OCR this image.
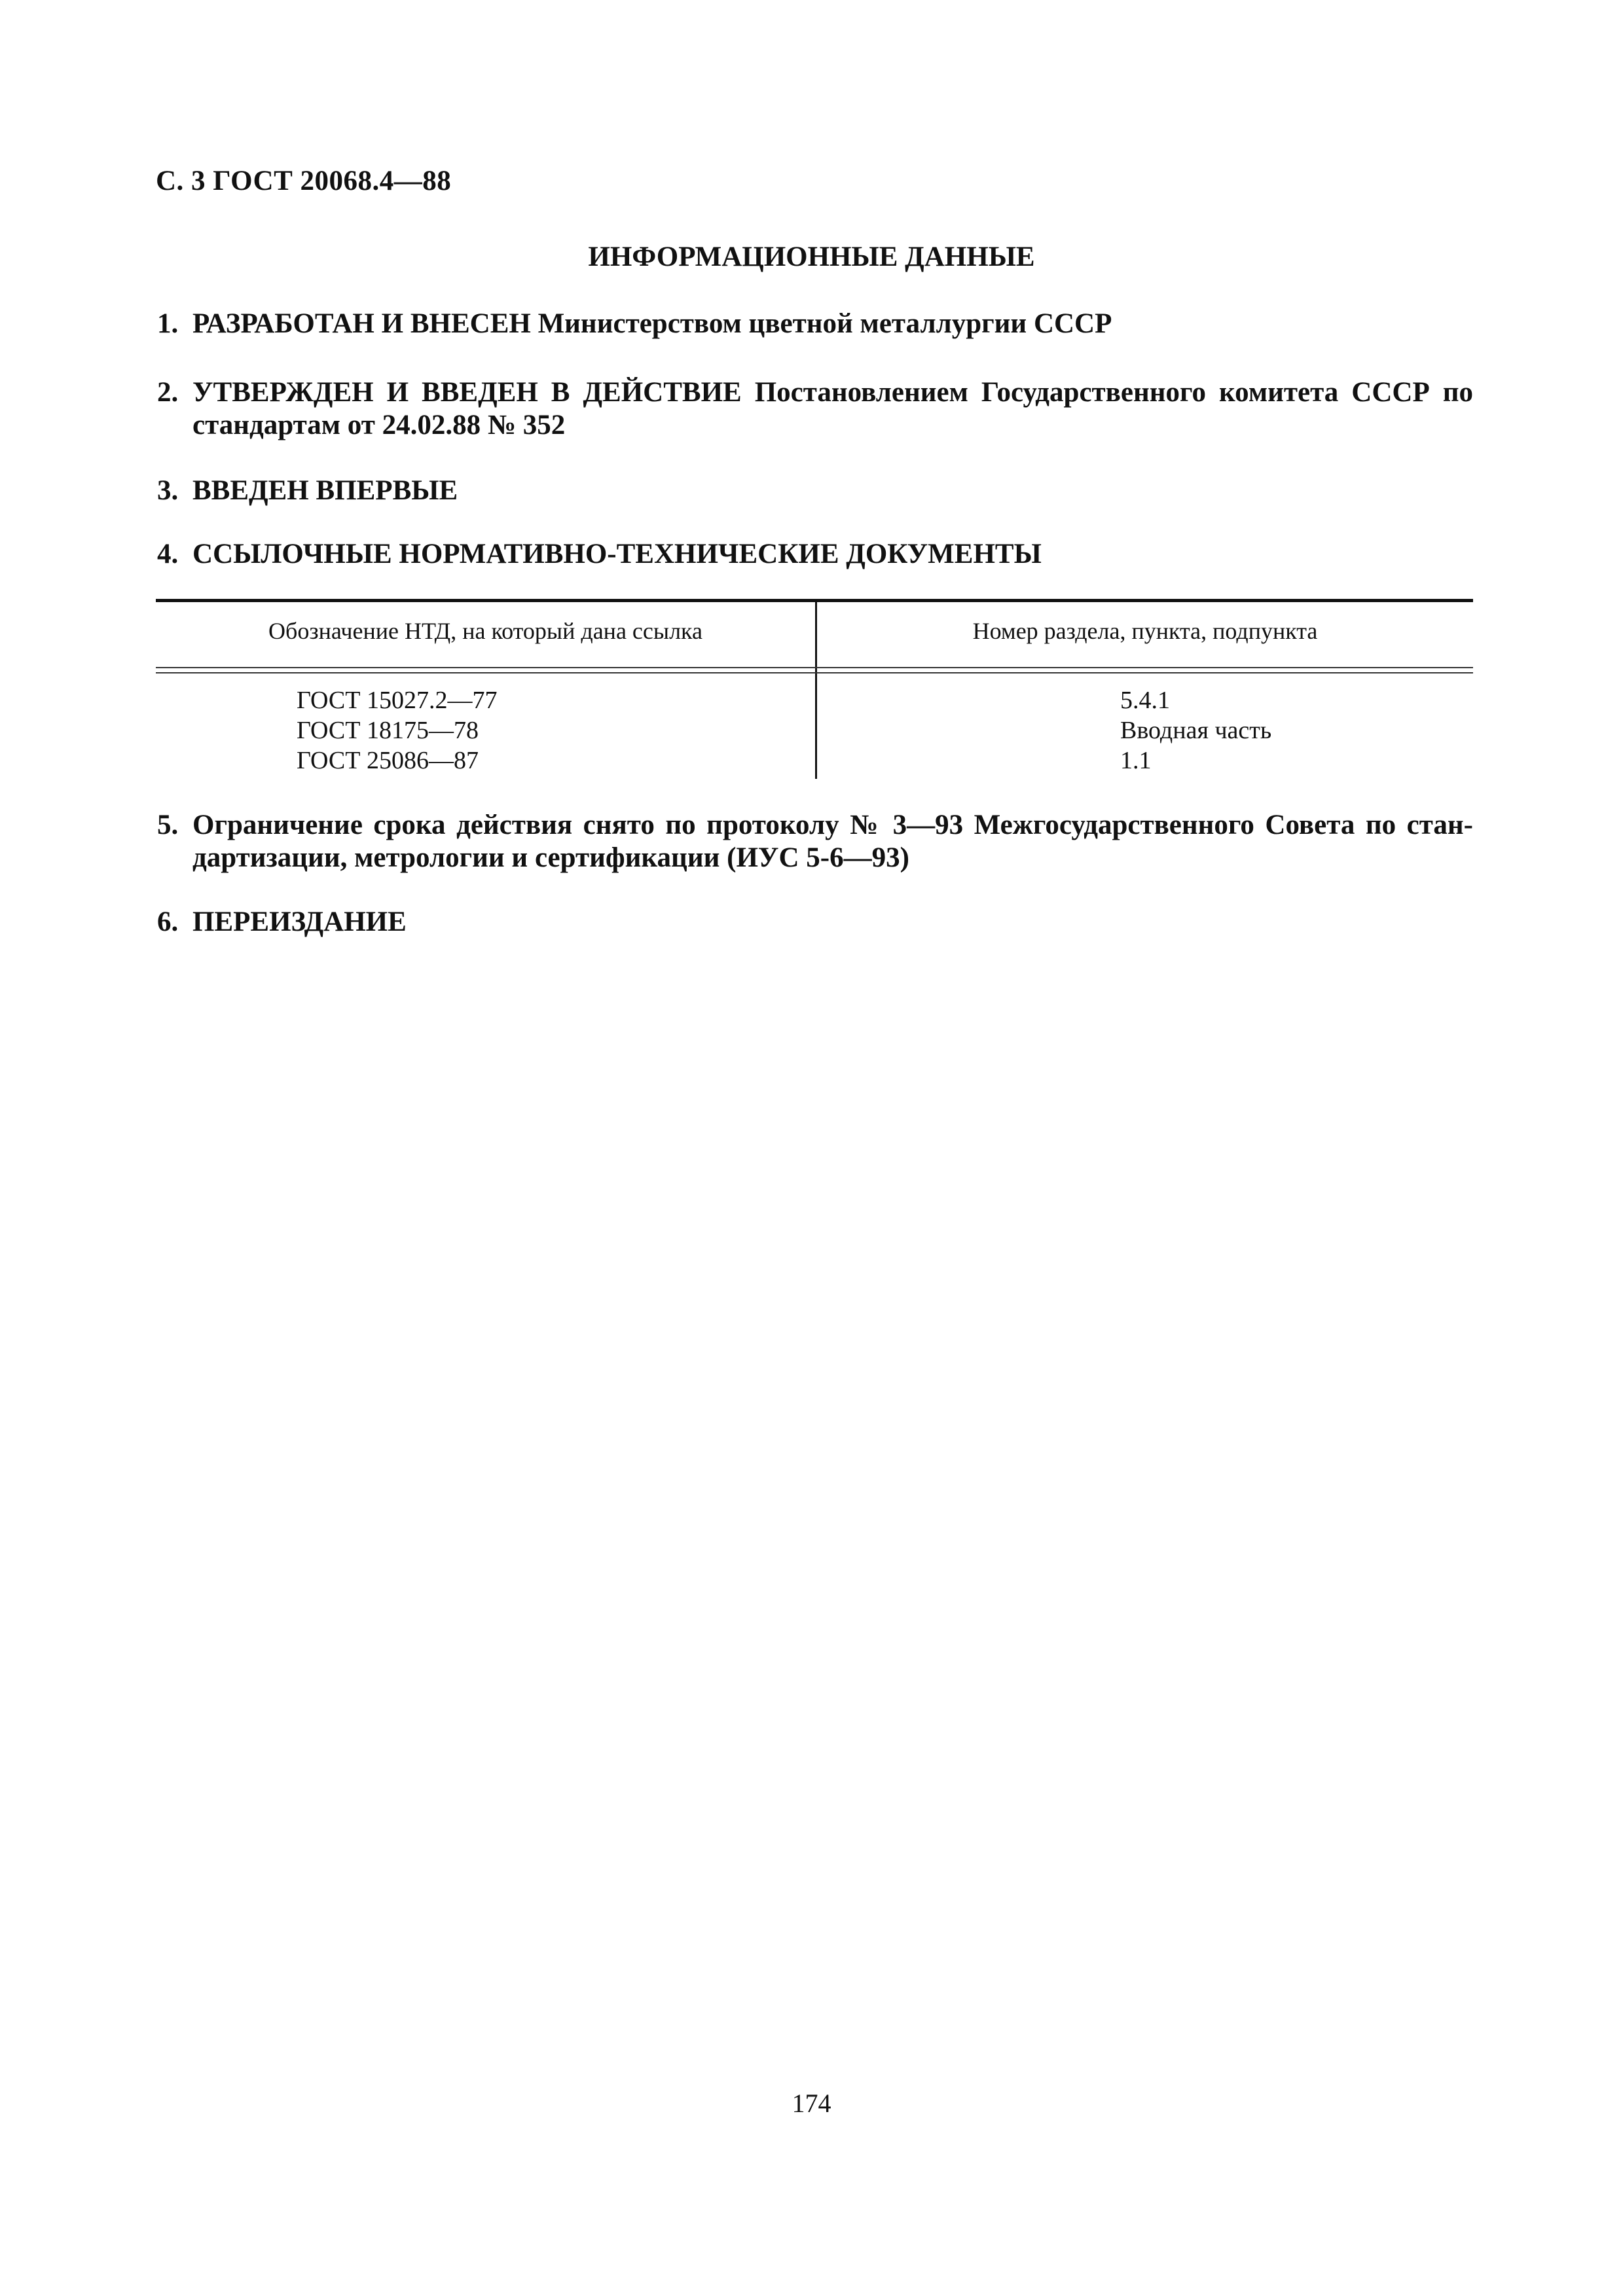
С. 3 ГОСТ 20068.4—88
ИНФОРМАЦИОННЫЕ ДАННЫЕ
1. РАЗРАБОТАН И ВНЕСЕН Министерством цветной металлургии СССР
2. УТВЕРЖДЕН И ВВЕДЕН В ДЕЙСТВИЕ Постановлением Государственного комитета СССР по
стандартам от 24.02.88 № 352
3. ВВЕДЕН ВПЕРВЫЕ
4. ССЫЛОЧНЫЕ НОРМАТИВНО-ТЕХНИЧЕСКИЕ ДОКУМЕНТЫ
Обозначение НТД, на который дана ссылка	Номер раздела, пункта, подпункта
ГОСТ 15027.2—77	5.4.1
ГОСТ 18175—78	Вводная часть
ГОСТ 25086—87	1.1
5. Ограничение срока действия снято по протоколу № 3—93 Межгосударственного Совета по стан-
дартизации, метрологии и сертификации (ИУС 5-6—93)
6. ПЕРЕИЗДАНИЕ
174
